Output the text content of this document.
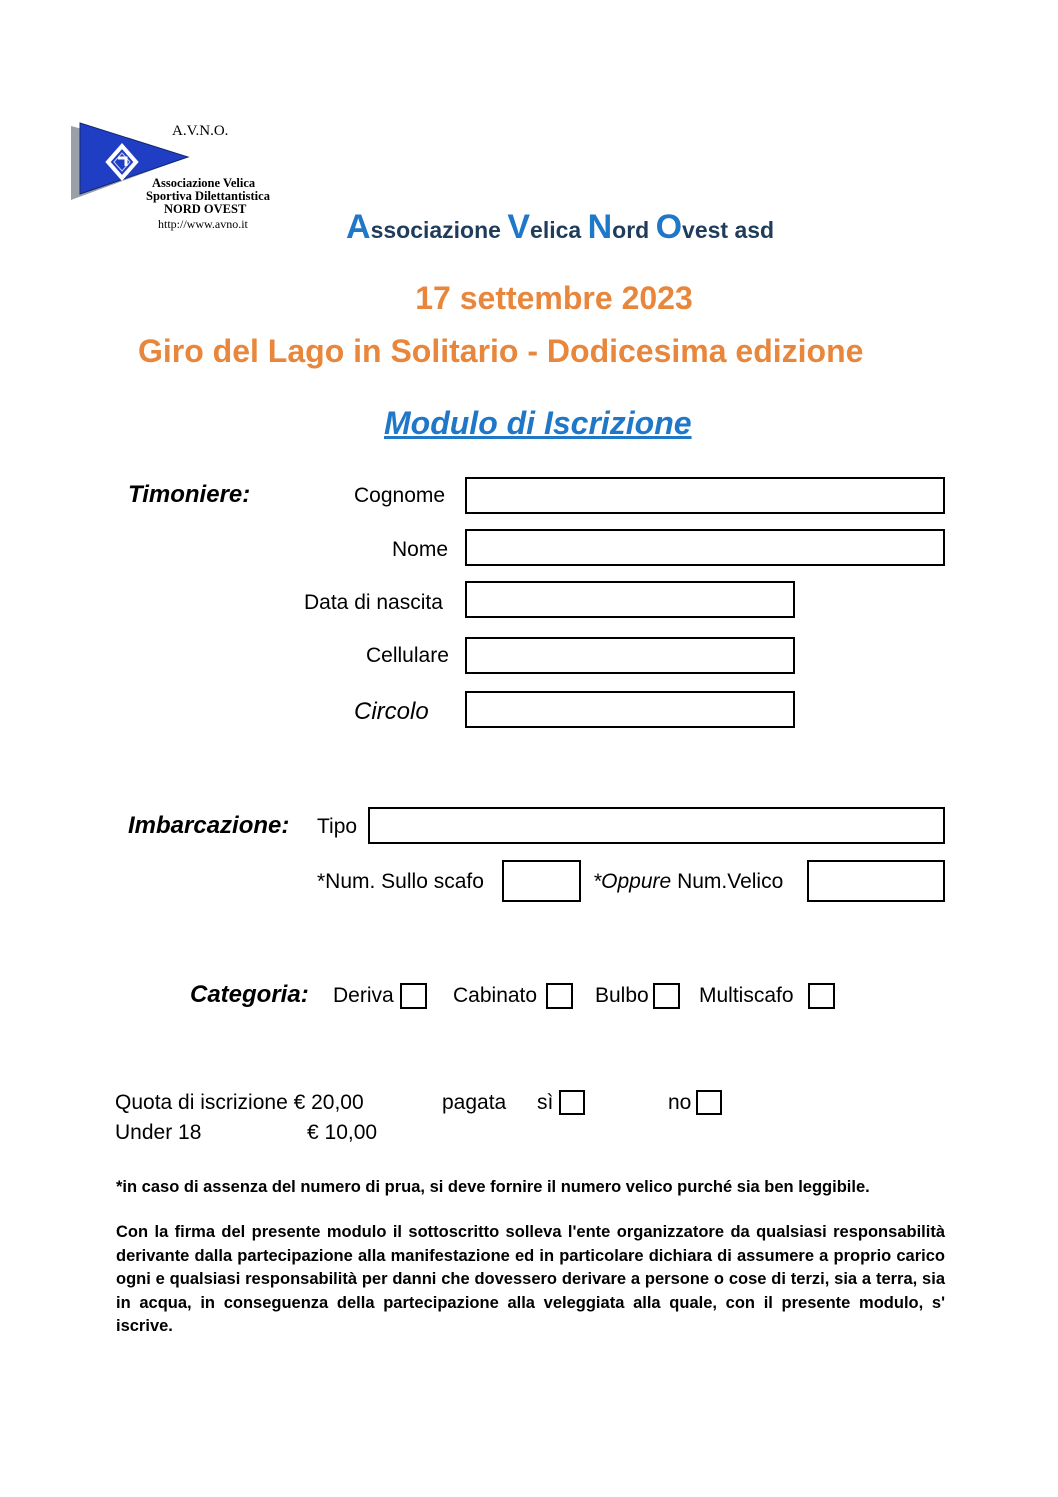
A.V.N.O.
Associazione Velica
Sportiva Dilettantistica
NORD OVEST
http://www.avno.it	Associazione Velica Nord Ovest asd
17 settembre 2023
Giro del Lago in Solitario - Dodicesima edizione
Modulo di Iscrizione
Timoniere:	Cognome
Nome
Data di nascita
Cellulare
Circolo
Imbarcazione: Tipo
*Num. Sullo scafo	*Oppure Num.Velico
Categoria: Deriva	Cabinato	Bulbo Multiscafo
Quota di iscrizione € 20,00	pagata sì	no
Under 18	€ 10,00
*in caso di assenza del numero di prua, si deve fornire il numero velico purché sia ben leggibile.
Con la firma del presente modulo il sottoscritto solleva l'ente organizzatore da qualsiasi responsabilità derivante dalla partecipazione alla manifestazione ed in particolare dichiara di assumere a proprio carico ogni e qualsiasi responsabilità per danni che dovessero derivare a persone o cose di terzi, sia a terra, sia in acqua, in conseguenza della partecipazione alla veleggiata alla quale, con il presente modulo, s' iscrive.
